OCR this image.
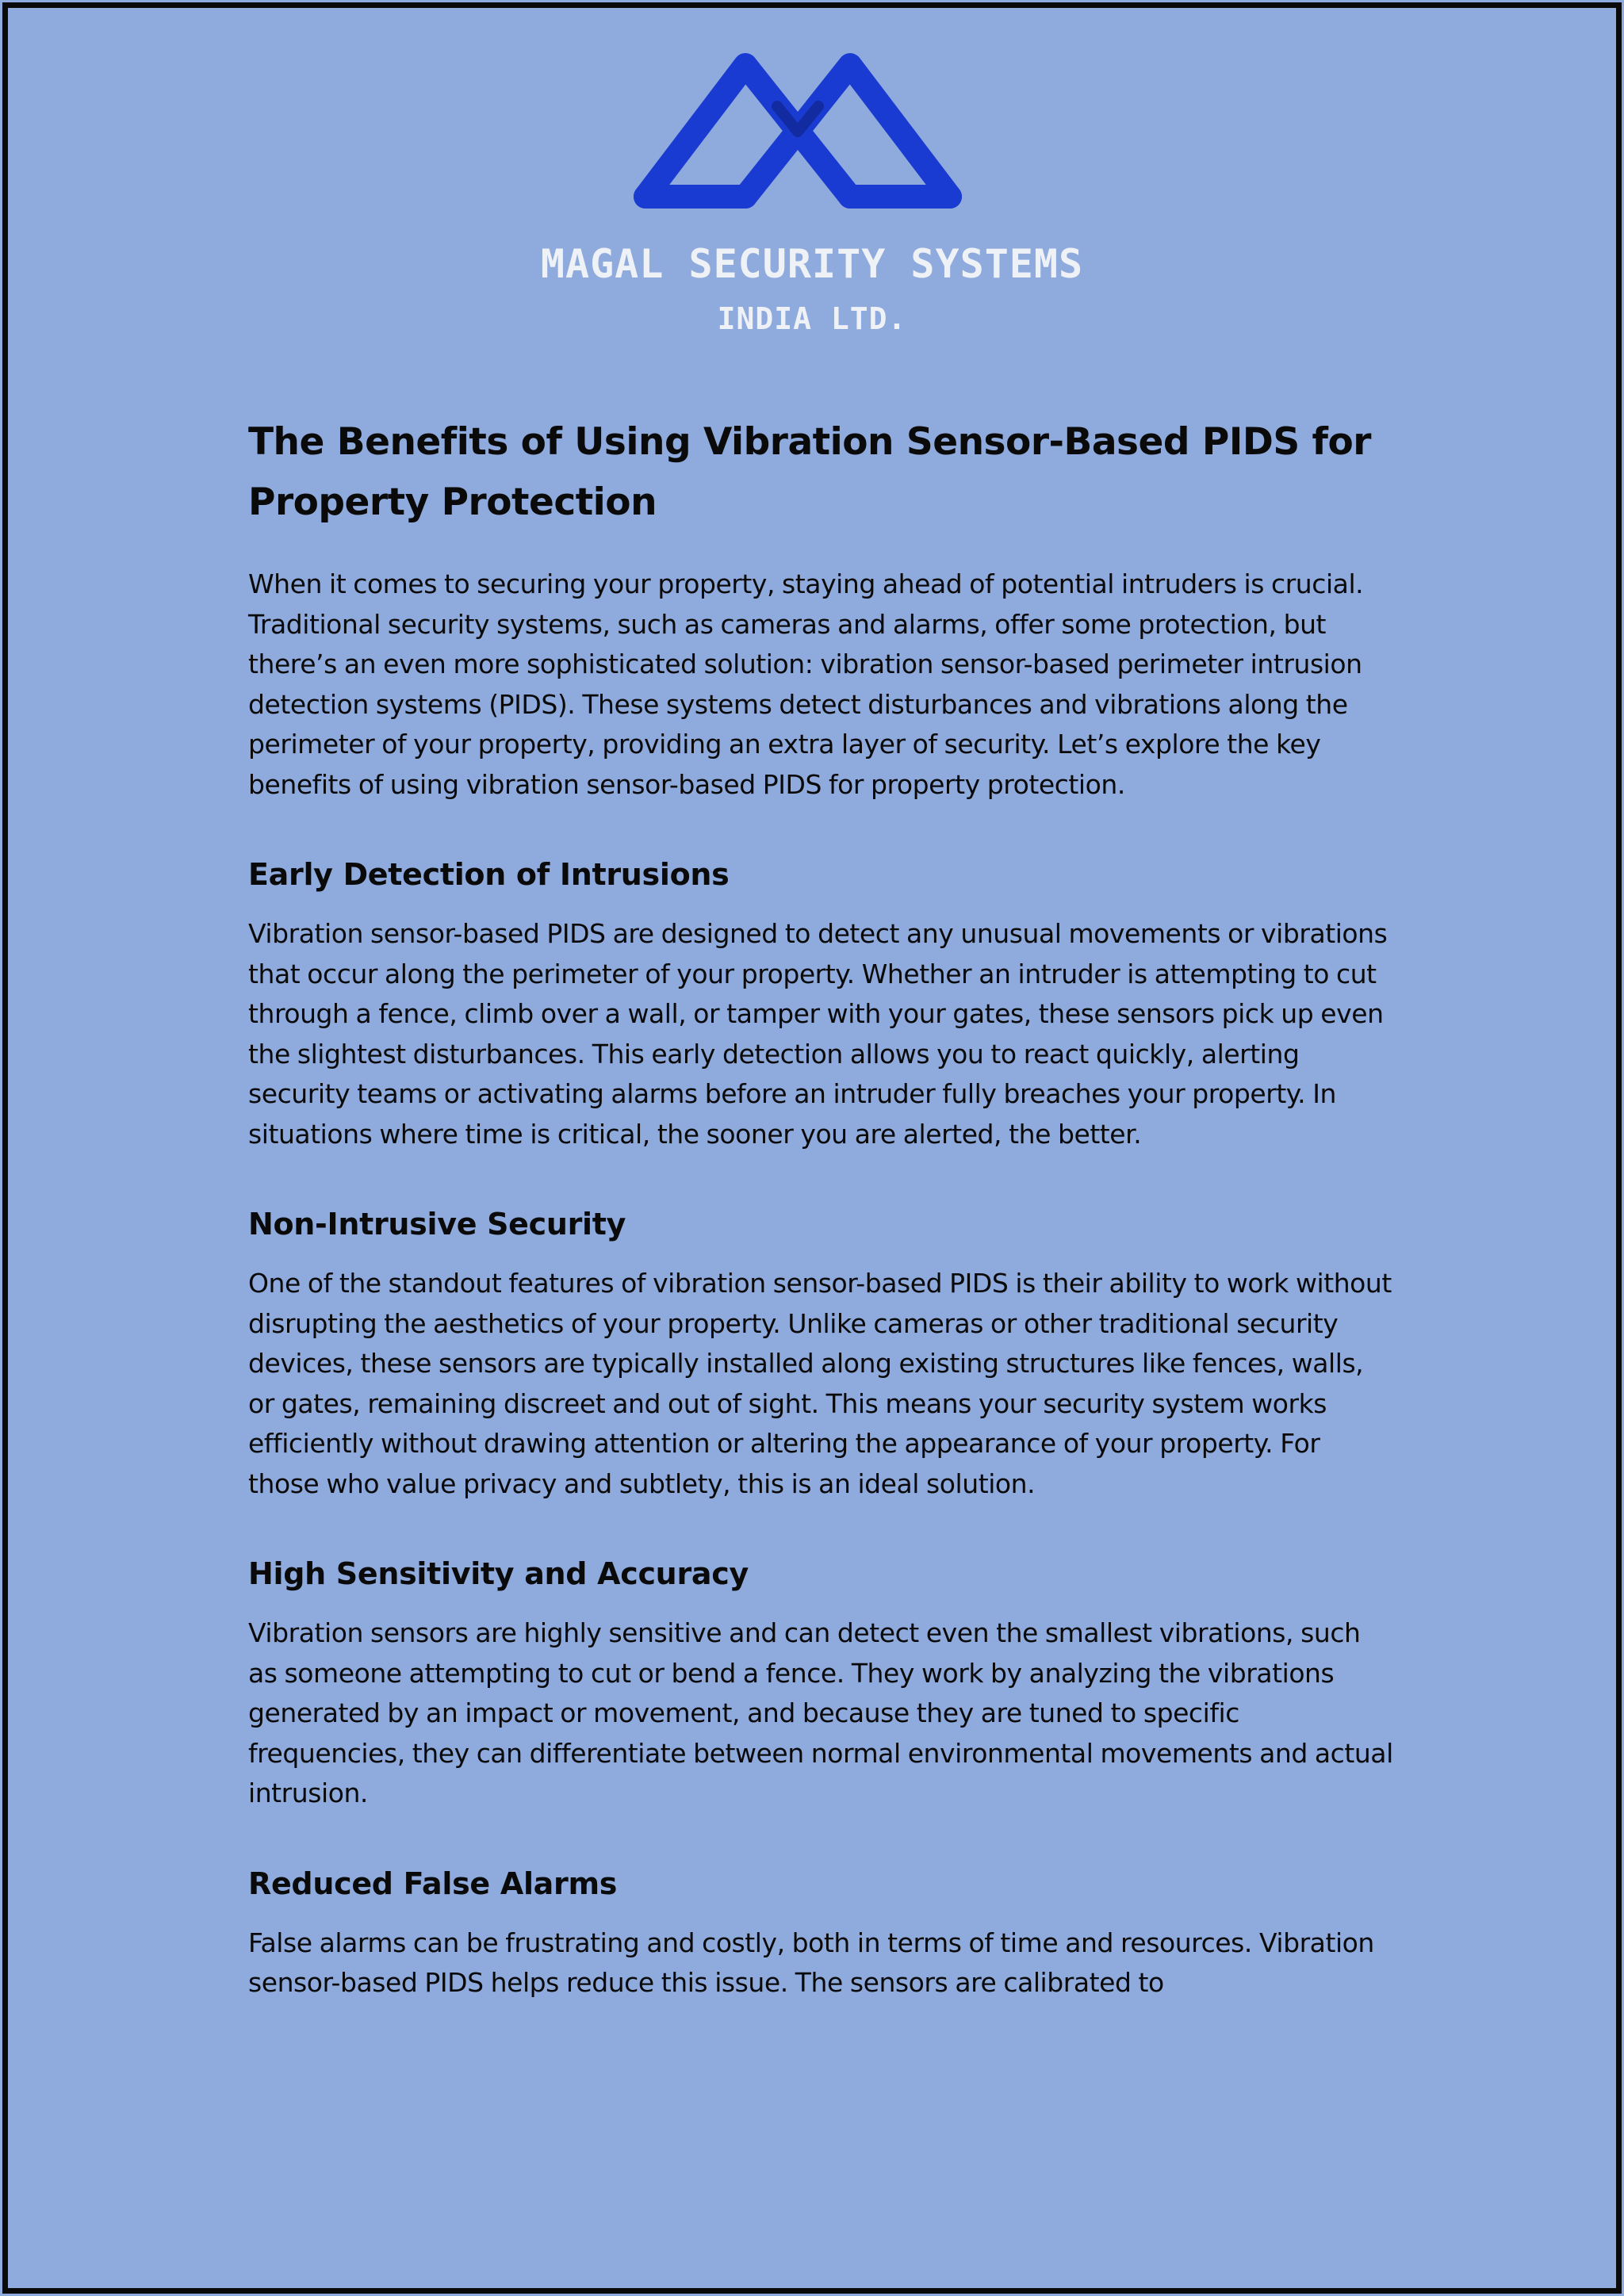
MAGAL SECURITY SYSTEMS
INDIA LTD.
The Benefits of Using Vibration Sensor-Based PIDS for Property Protection

When it comes to securing your property, staying ahead of potential intruders is crucial. Traditional security systems, such as cameras and alarms, offer some protection, but there’s an even more sophisticated solution: vibration sensor-based perimeter intrusion detection systems (PIDS). These systems detect disturbances and vibrations along the perimeter of your property, providing an extra layer of security. Let’s explore the key benefits of using vibration sensor-based PIDS for property protection.

Early Detection of Intrusions

Vibration sensor-based PIDS are designed to detect any unusual movements or vibrations that occur along the perimeter of your property. Whether an intruder is attempting to cut through a fence, climb over a wall, or tamper with your gates, these sensors pick up even the slightest disturbances. This early detection allows you to react quickly, alerting security teams or activating alarms before an intruder fully breaches your property. In situations where time is critical, the sooner you are alerted, the better.

Non-Intrusive Security

One of the standout features of vibration sensor-based PIDS is their ability to work without disrupting the aesthetics of your property. Unlike cameras or other traditional security devices, these sensors are typically installed along existing structures like fences, walls, or gates, remaining discreet and out of sight. This means your security system works efficiently without drawing attention or altering the appearance of your property. For those who value privacy and subtlety, this is an ideal solution.

High Sensitivity and Accuracy

Vibration sensors are highly sensitive and can detect even the smallest vibrations, such as someone attempting to cut or bend a fence. They work by analyzing the vibrations generated by an impact or movement, and because they are tuned to specific frequencies, they can differentiate between normal environmental movements and actual intrusion.

Reduced False Alarms

False alarms can be frustrating and costly, both in terms of time and resources. Vibration sensor-based PIDS helps reduce this issue. The sensors are calibrated to
